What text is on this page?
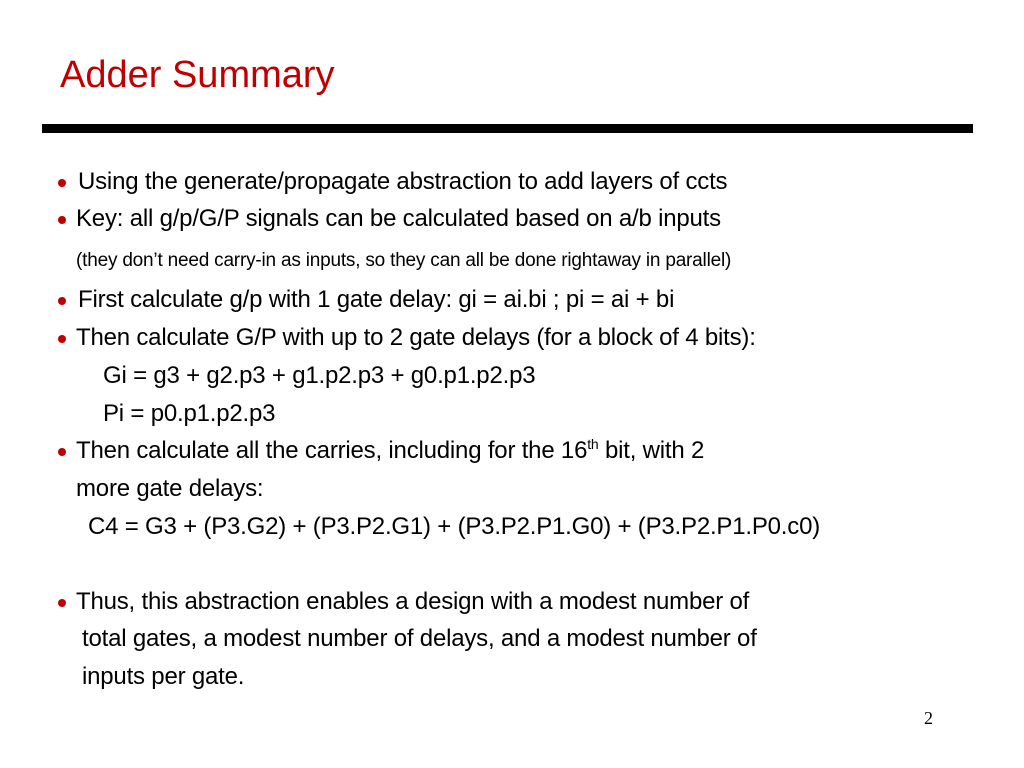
Adder Summary
Using the generate/propagate abstraction to add layers of ccts
Key: all g/p/G/P signals can be calculated based on a/b inputs
(they don’t need carry-in as inputs, so they can all be done rightaway in parallel)
First calculate g/p with 1 gate delay: gi = ai.bi ; pi = ai + bi
Then calculate G/P with up to 2 gate delays (for a block of 4 bits):
Gi = g3 + g2.p3 + g1.p2.p3 + g0.p1.p2.p3
Pi = p0.p1.p2.p3
Then calculate all the carries, including for the 16th bit, with 2
more gate delays:
C4 = G3 + (P3.G2) + (P3.P2.G1) + (P3.P2.P1.G0) + (P3.P2.P1.P0.c0)
Thus, this abstraction enables a design with a modest number of
total gates, a modest number of delays, and a modest number of
inputs per gate.
2
